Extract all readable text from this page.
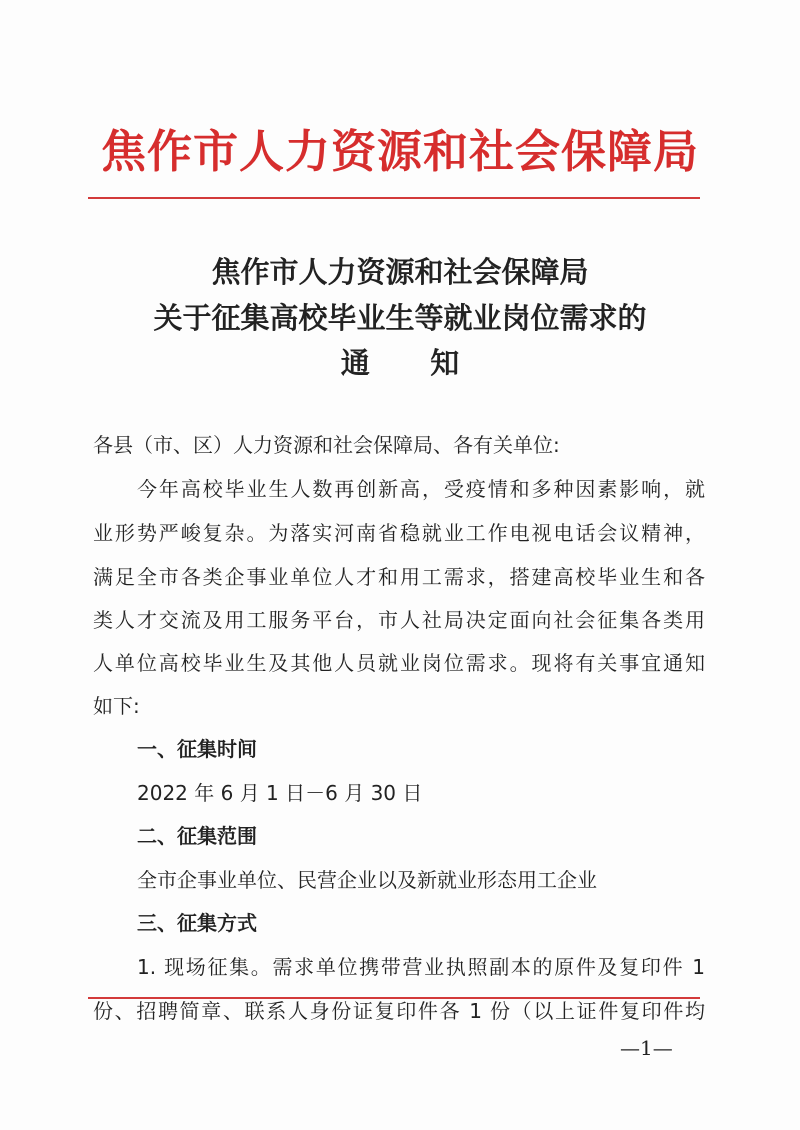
焦作市人力资源和社会保障局
焦作市人力资源和社会保障局
关于征集高校毕业生等就业岗位需求的
通      知
各县（市、区）人力资源和社会保障局、各有关单位:
今年高校毕业生人数再创新高，受疫情和多种因素影响，就
业形势严峻复杂。为落实河南省稳就业工作电视电话会议精神，
满足全市各类企事业单位人才和用工需求，搭建高校毕业生和各
类人才交流及用工服务平台，市人社局决定面向社会征集各类用
人单位高校毕业生及其他人员就业岗位需求。现将有关事宜通知
如下:
一、征集时间
2022 年 6 月 1 日－6 月 30 日
二、征集范围
全市企事业单位、民营企业以及新就业形态用工企业
三、征集方式
1. 现场征集。需求单位携带营业执照副本的原件及复印件 1
份、招聘简章、联系人身份证复印件各 1 份（以上证件复印件均
—1—
